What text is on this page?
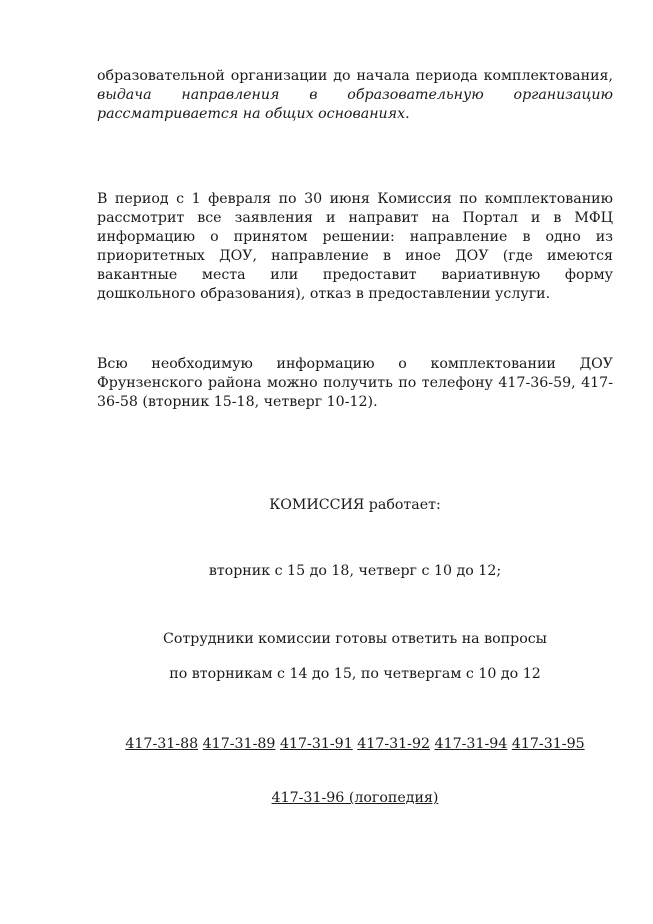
образовательной организации до начала периода комплектования, выдача направления в образовательную организацию рассматривается на общих основаниях.
В период с 1 февраля по 30 июня Комиссия по комплектованию рассмотрит все заявления и направит на Портал и в МФЦ информацию о принятом решении: направление в одно из приоритетных ДОУ, направление в иное ДОУ (где имеются вакантные места или предоставит вариативную форму дошкольного образования), отказ в предоставлении услуги.
Всю необходимую информацию о комплектовании ДОУ Фрунзенского района можно получить по телефону 417-36-59, 417-36-58 (вторник 15-18, четверг 10-12).
КОМИССИЯ работает:
вторник с 15 до 18, четверг с 10 до 12;
Сотрудники комиссии готовы ответить на вопросы
по вторникам с 14 до 15, по четвергам с 10 до 12
417-31-88 417-31-89 417-31-91 417-31-92 417-31-94 417-31-95
417-31-96 (логопедия)
